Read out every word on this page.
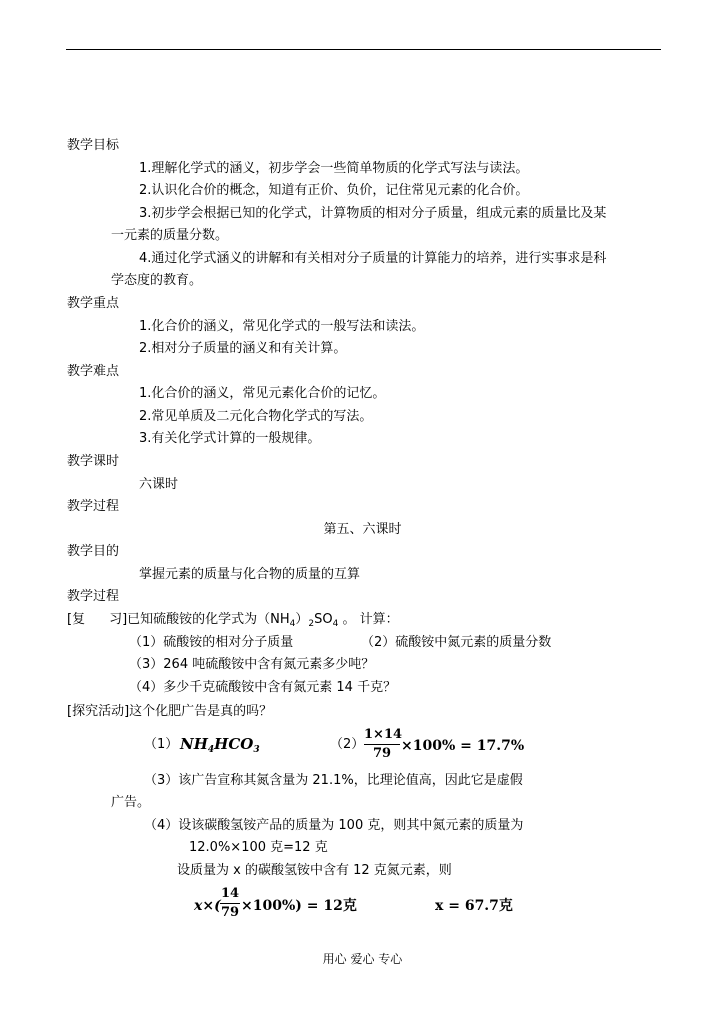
教学目标
1.理解化学式的涵义，初步学会一些简单物质的化学式写法与读法。
2.认识化合价的概念，知道有正价、负价，记住常见元素的化合价。
3.初步学会根据已知的化学式，计算物质的相对分子质量，组成元素的质量比及某
一元素的质量分数。
4.通过化学式涵义的讲解和有关相对分子质量的计算能力的培养，进行实事求是科
学态度的教育。
教学重点
1.化合价的涵义，常见化学式的一般写法和读法。
2.相对分子质量的涵义和有关计算。
教学难点
1.化合价的涵义，常见元素化合价的记忆。
2.常见单质及二元化合物化学式的写法。
3.有关化学式计算的一般规律。
教学课时
六课时
教学过程
第五、六课时
教学目的
掌握元素的质量与化合物的质量的互算
教学过程
[复 习]已知硫酸铵的化学式为$(NH_4)_2SO_4$ 。 计算：
（1）硫酸铵的相对分子质量	（2）硫酸铵中氮元素的质量分数
（3）264 吨硫酸铵中含有氮元素多少吨？
（4）多少千克硫酸铵中含有氮元素 14 千克？
[探究活动]这个化肥广告是真的吗？
（1） $NH_4HCO_3$	（2）
1×14
79 ×100% = 17.7%
（3）该广告宣称其氮含量为 21.1%，比理论值高，因此它是虚假
广告。
（4）设该碳酸氢铵产品的质量为 100 克，则其中氮元素的质量为
12.0%×100 克=12 克
设质量为 x 的碳酸氢铵中含有 12 克氮元素，则
x×(
14
79 ×100%) = 12克	x = 67.7克
用心 爱心 专心
